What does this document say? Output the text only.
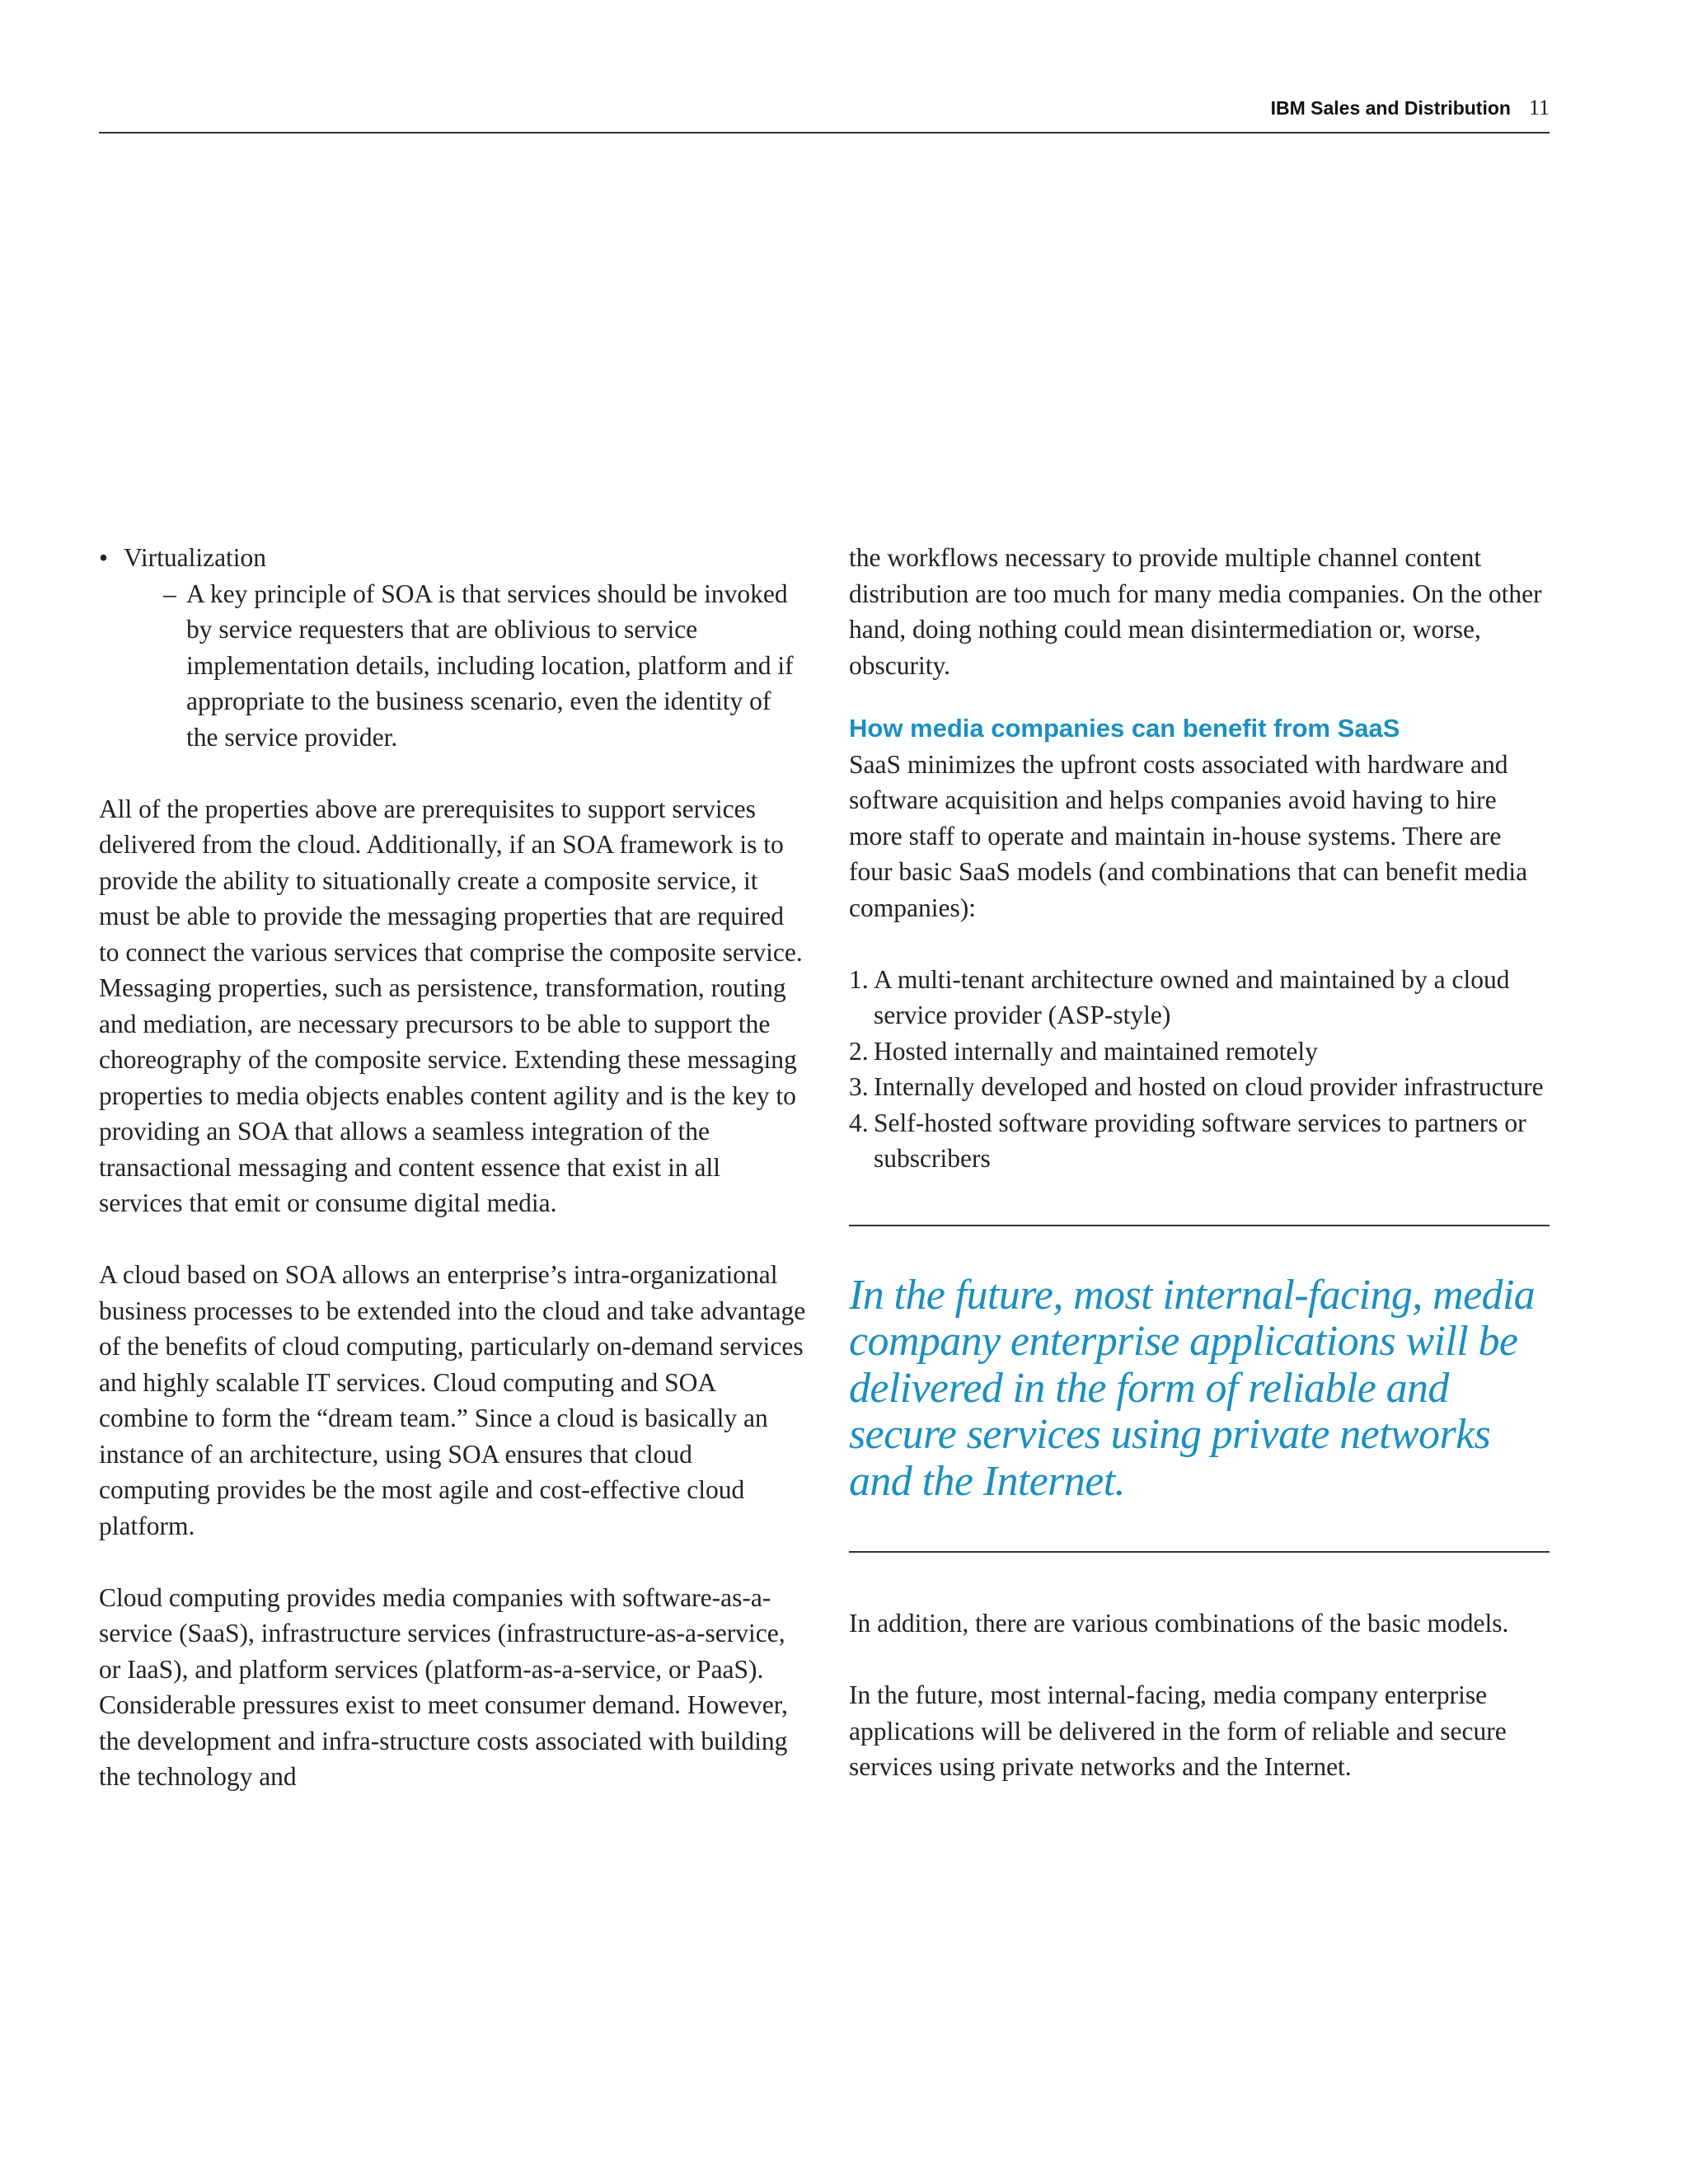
IBM Sales and Distribution 11
• Virtualization
– A key principle of SOA is that services should be invoked by service requesters that are oblivious to service implementation details, including location, platform and if appropriate to the business scenario, even the identity of the service provider.

All of the properties above are prerequisites to support services delivered from the cloud. Additionally, if an SOA framework is to provide the ability to situationally create a composite service, it must be able to provide the messaging properties that are required to connect the various services that comprise the composite service. Messaging properties, such as persistence, transformation, routing and mediation, are necessary precursors to be able to support the choreography of the composite service. Extending these messaging properties to media objects enables content agility and is the key to providing an SOA that allows a seamless integration of the transactional messaging and content essence that exist in all services that emit or consume digital media.

A cloud based on SOA allows an enterprise’s intra-organizational business processes to be extended into the cloud and take advantage of the benefits of cloud computing, particularly on-demand services and highly scalable IT services. Cloud computing and SOA combine to form the “dream team.” Since a cloud is basically an instance of an architecture, using SOA ensures that cloud computing provides be the most agile and cost-effective cloud platform.

Cloud computing provides media companies with software-as-a-service (SaaS), infrastructure services (infrastructure-as-a-service, or IaaS), and platform services (platform-as-a-service, or PaaS). Considerable pressures exist to meet consumer demand. However, the development and infra-structure costs associated with building the technology and

the workflows necessary to provide multiple channel content distribution are too much for many media companies. On the other hand, doing nothing could mean disintermediation or, worse, obscurity.

How media companies can benefit from SaaS

SaaS minimizes the upfront costs associated with hardware and software acquisition and helps companies avoid having to hire more staff to operate and maintain in-house systems. There are four basic SaaS models (and combinations that can benefit media companies):

1. A multi-tenant architecture owned and maintained by a cloud service provider (ASP-style)
2. Hosted internally and maintained remotely
3. Internally developed and hosted on cloud provider infrastructure
4. Self-hosted software providing software services to partners or subscribers

In the future, most internal-facing, media company enterprise applications will be delivered in the form of reliable and secure services using private networks and the Internet.

In addition, there are various combinations of the basic models.

In the future, most internal-facing, media company enterprise applications will be delivered in the form of reliable and secure services using private networks and the Internet.
